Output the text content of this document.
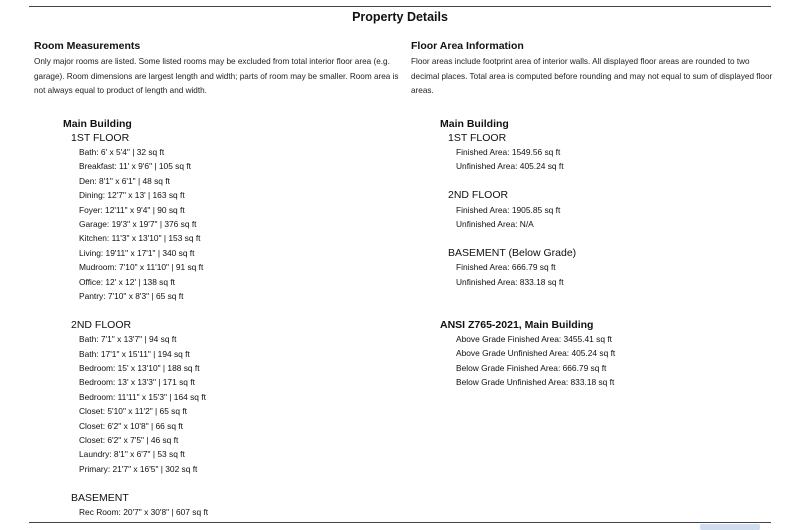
Property Details
Room Measurements
Only major rooms are listed. Some listed rooms may be excluded from total interior floor area (e.g. garage). Room dimensions are largest length and width; parts of room may be smaller. Room area is not always equal to product of length and width.
Main Building
1ST FLOOR
Bath: 6' x 5'4" | 32 sq ft
Breakfast: 11' x 9'6" | 105 sq ft
Den: 8'1" x 6'1" | 48 sq ft
Dining: 12'7" x 13' | 163 sq ft
Foyer: 12'11" x 9'4" | 90 sq ft
Garage: 19'3" x 19'7" | 376 sq ft
Kitchen: 11'3" x 13'10" | 153 sq ft
Living: 19'11" x 17'1" | 340 sq ft
Mudroom: 7'10" x 11'10" | 91 sq ft
Office: 12' x 12' | 138 sq ft
Pantry: 7'10" x 8'3" | 65 sq ft
2ND FLOOR
Bath: 7'1" x 13'7" | 94 sq ft
Bath: 17'1" x 15'11" | 194 sq ft
Bedroom: 15' x 13'10" | 188 sq ft
Bedroom: 13' x 13'3" | 171 sq ft
Bedroom: 11'11" x 15'3" | 164 sq ft
Closet: 5'10" x 11'2" | 65 sq ft
Closet: 6'2" x 10'8" | 66 sq ft
Closet: 6'2" x 7'5" | 46 sq ft
Laundry: 8'1" x 6'7" | 53 sq ft
Primary: 21'7" x 16'5" | 302 sq ft
BASEMENT
Rec Room: 20'7" x 30'8" | 607 sq ft
Floor Area Information
Floor areas include footprint area of interior walls. All displayed floor areas are rounded to two decimal places. Total area is computed before rounding and may not equal to sum of displayed floor areas.
Main Building
1ST FLOOR
Finished Area: 1549.56 sq ft
Unfinished Area: 405.24 sq ft
2ND FLOOR
Finished Area: 1905.85 sq ft
Unfinished Area: N/A
BASEMENT (Below Grade)
Finished Area: 666.79 sq ft
Unfinished Area: 833.18 sq ft
ANSI Z765-2021, Main Building
Above Grade Finished Area: 3455.41 sq ft
Above Grade Unfinished Area: 405.24 sq ft
Below Grade Finished Area: 666.79 sq ft
Below Grade Unfinished Area: 833.18 sq ft
